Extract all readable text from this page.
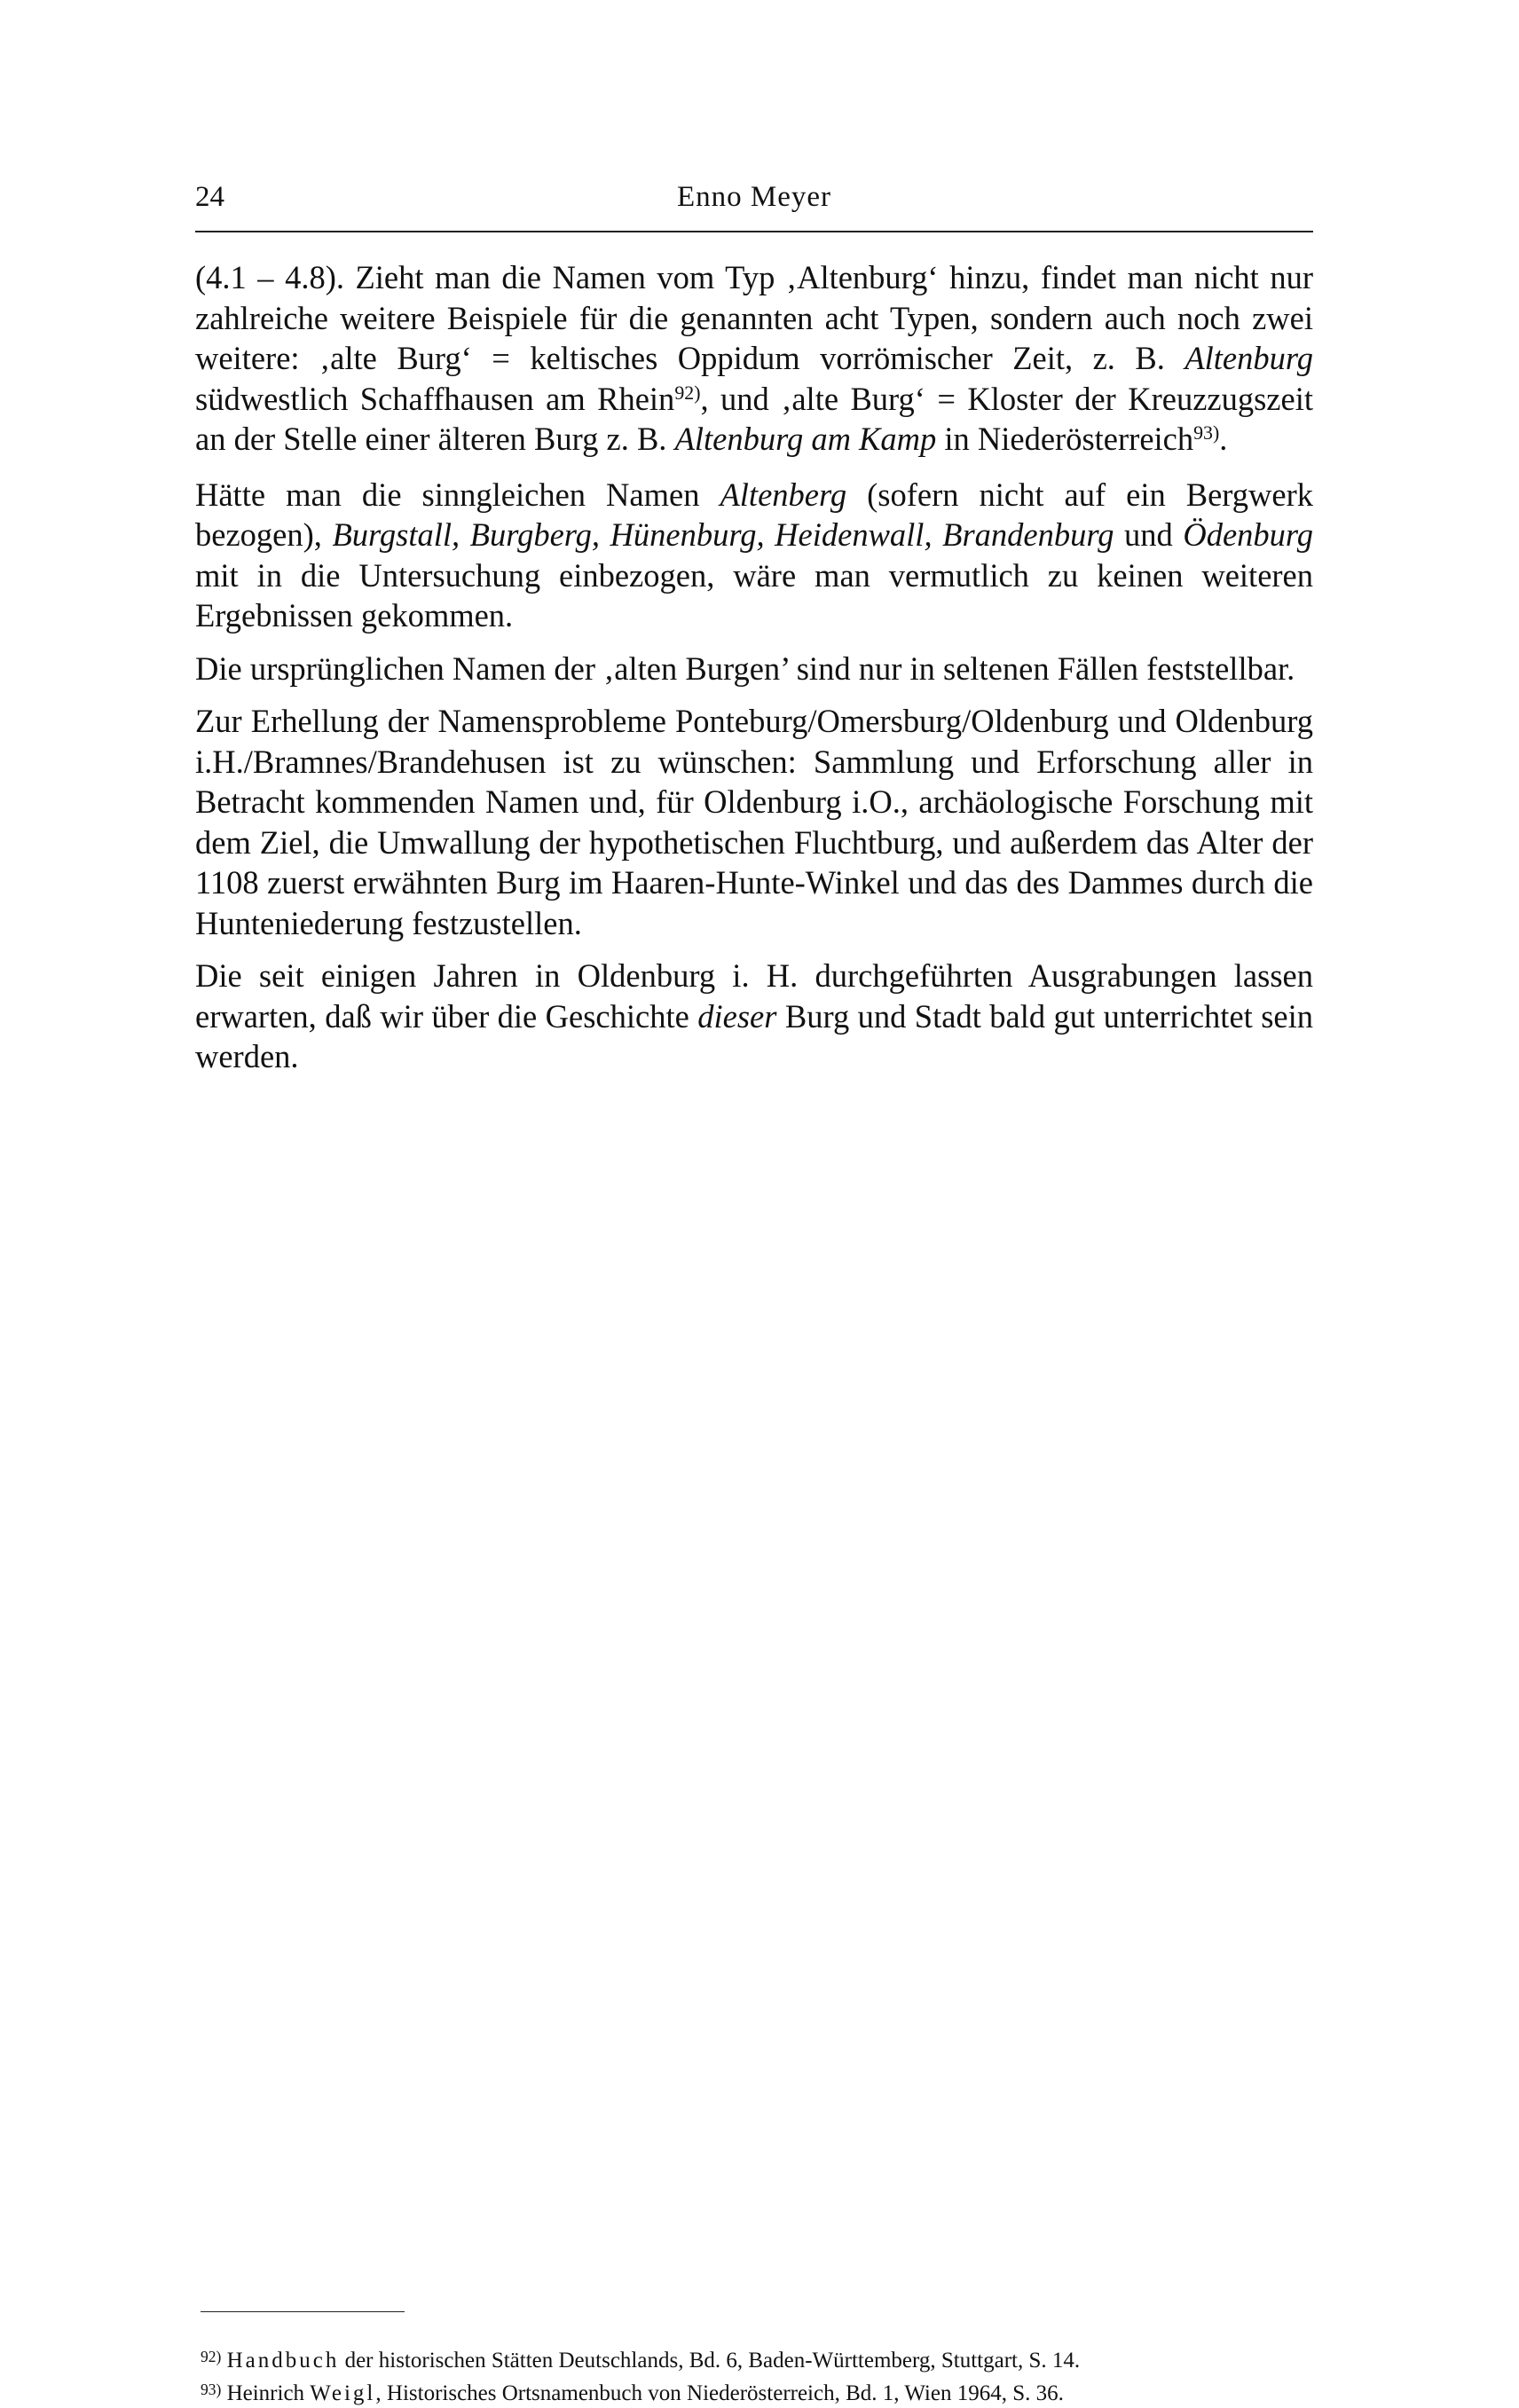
24	Enno Meyer

(4.1 – 4.8). Zieht man die Namen vom Typ ‚Altenburg‘ hinzu, findet man nicht nur zahlreiche weitere Beispiele für die genannten acht Typen, sondern auch noch zwei weitere: ‚alte Burg‘ = keltisches Oppidum vorrömischer Zeit, z. B. Altenburg südwestlich Schaffhausen am Rhein$^{92)}$, und ‚alte Burg‘ = Kloster der Kreuzzugszeit an der Stelle einer älteren Burg z. B. Altenburg am Kamp in Niederösterreich$^{93)}$.

Hätte man die sinngleichen Namen Altenberg (sofern nicht auf ein Bergwerk bezogen), Burgstall, Burgberg, Hünenburg, Heidenwall, Brandenburg und Ödenburg mit in die Untersuchung einbezogen, wäre man vermutlich zu keinen weiteren Ergebnissen gekommen.

Die ursprünglichen Namen der ‚alten Burgen’ sind nur in seltenen Fällen feststellbar.

Zur Erhellung der Namensprobleme Ponteburg/Omersburg/Oldenburg und Oldenburg i.H./Bramnes/Brandehusen ist zu wünschen: Sammlung und Erforschung aller in Betracht kommenden Namen und, für Oldenburg i.O., archäologische Forschung mit dem Ziel, die Umwallung der hypothetischen Fluchtburg, und außerdem das Alter der 1108 zuerst erwähnten Burg im Haaren-Hunte-Winkel und das des Dammes durch die Hunteniederung festzustellen.

Die seit einigen Jahren in Oldenburg i. H. durchgeführten Ausgrabungen lassen erwarten, daß wir über die Geschichte dieser Burg und Stadt bald gut unterrichtet sein werden.

$^{92)}$ Handbuch der historischen Stätten Deutschlands, Bd. 6, Baden-Württemberg, Stuttgart, S. 14.

$^{93)}$ Heinrich Weigl, Historisches Ortsnamenbuch von Niederösterreich, Bd. 1, Wien 1964, S. 36.
